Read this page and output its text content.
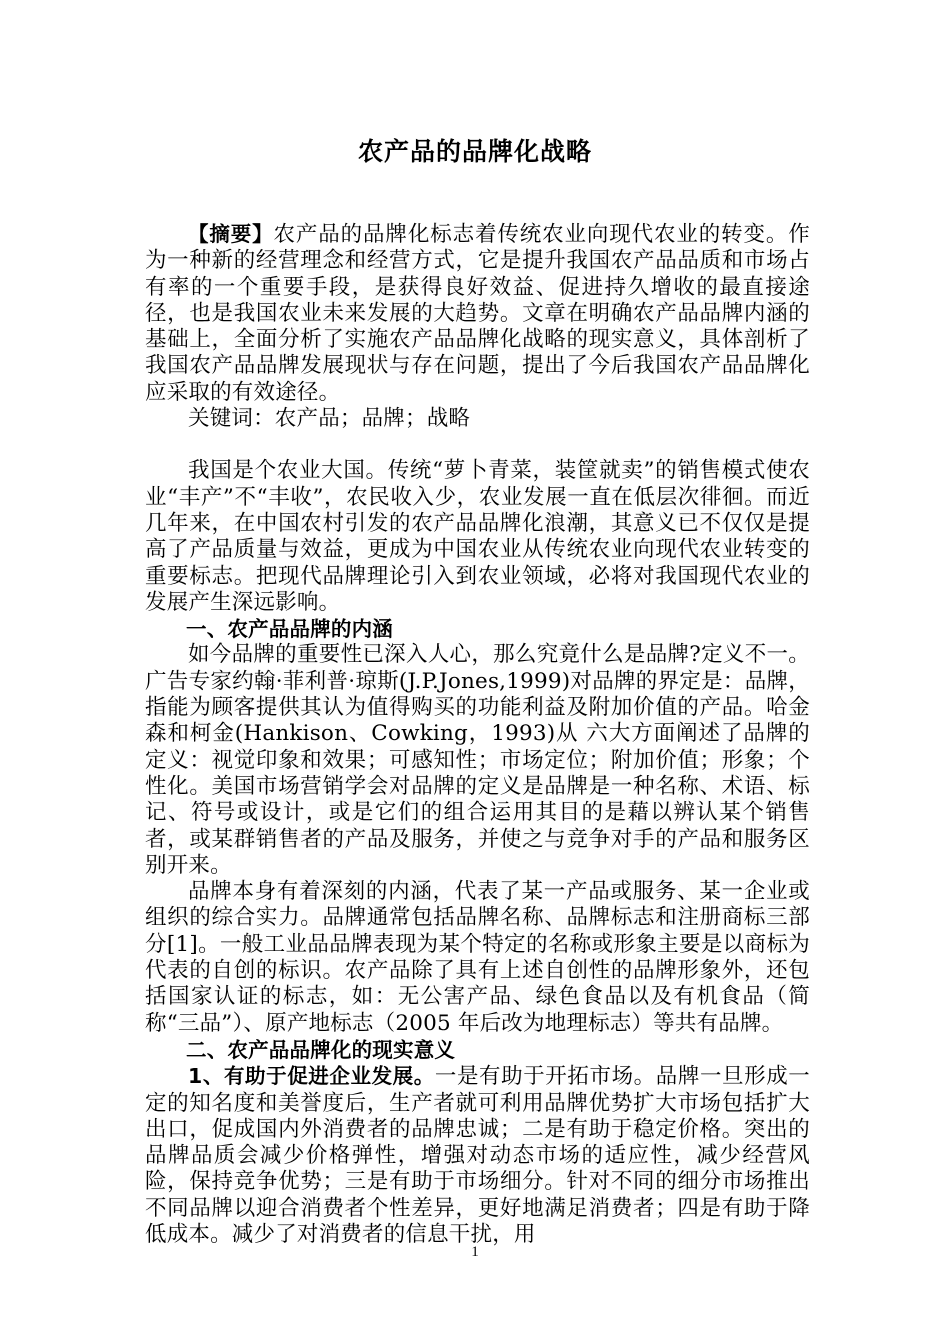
农产品的品牌化战略

【摘要】农产品的品牌化标志着传统农业向现代农业的转变。作为一种新的经营理念和经营方式，它是提升我国农产品品质和市场占有率的一个重要手段，是获得良好效益、促进持久增收的最直接途径，也是我国农业未来发展的大趋势。文章在明确农产品品牌内涵的基础上，全面分析了实施农产品品牌化战略的现实意义，具体剖析了我国农产品品牌发展现状与存在问题，提出了今后我国农产品品牌化应采取的有效途径。

关键词：农产品；品牌；战略

我国是个农业大国。传统“萝卜青菜，装筐就卖”的销售模式使农业“丰产”不“丰收”，农民收入少，农业发展一直在低层次徘徊。而近几年来，在中国农村引发的农产品品牌化浪潮，其意义已不仅仅是提高了产品质量与效益，更成为中国农业从传统农业向现代农业转变的重要标志。把现代品牌理论引入到农业领域，必将对我国现代农业的发展产生深远影响。

一、农产品品牌的内涵

如今品牌的重要性已深入人心，那么究竟什么是品牌?定义不一。广告专家约翰·菲利普·琼斯(J.P.Jones,1999)对品牌的界定是：品牌，指能为顾客提供其认为值得购买的功能利益及附加价值的产品。哈金森和柯金(Hankison、Cowking，1993)从 六大方面阐述了品牌的定义：视觉印象和效果；可感知性；市场定位；附加价值；形象；个性化。美国市场营销学会对品牌的定义是品牌是一种名称、术语、标记、符号或设计，或是它们的组合运用其目的是藉以辨认某个销售者，或某群销售者的产品及服务，并使之与竞争对手的产品和服务区别开来。

品牌本身有着深刻的内涵，代表了某一产品或服务、某一企业或组织的综合实力。品牌通常包括品牌名称、品牌标志和注册商标三部分[1]。一般工业品品牌表现为某个特定的名称或形象主要是以商标为代表的自创的标识。农产品除了具有上述自创性的品牌形象外，还包括国家认证的标志，如：无公害产品、绿色食品以及有机食品（简称“三品”）、原产地标志（2005 年后改为地理标志）等共有品牌。

二、农产品品牌化的现实意义

1、有助于促进企业发展。一是有助于开拓市场。品牌一旦形成一定的知名度和美誉度后，生产者就可利用品牌优势扩大市场包括扩大出口，促成国内外消费者的品牌忠诚；二是有助于稳定价格。突出的品牌品质会减少价格弹性，增强对动态市场的适应性，减少经营风险，保持竞争优势；三是有助于市场细分。针对不同的细分市场推出不同品牌以迎合消费者个性差异，更好地满足消费者；四是有助于降低成本。减少了对消费者的信息干扰，用

1
